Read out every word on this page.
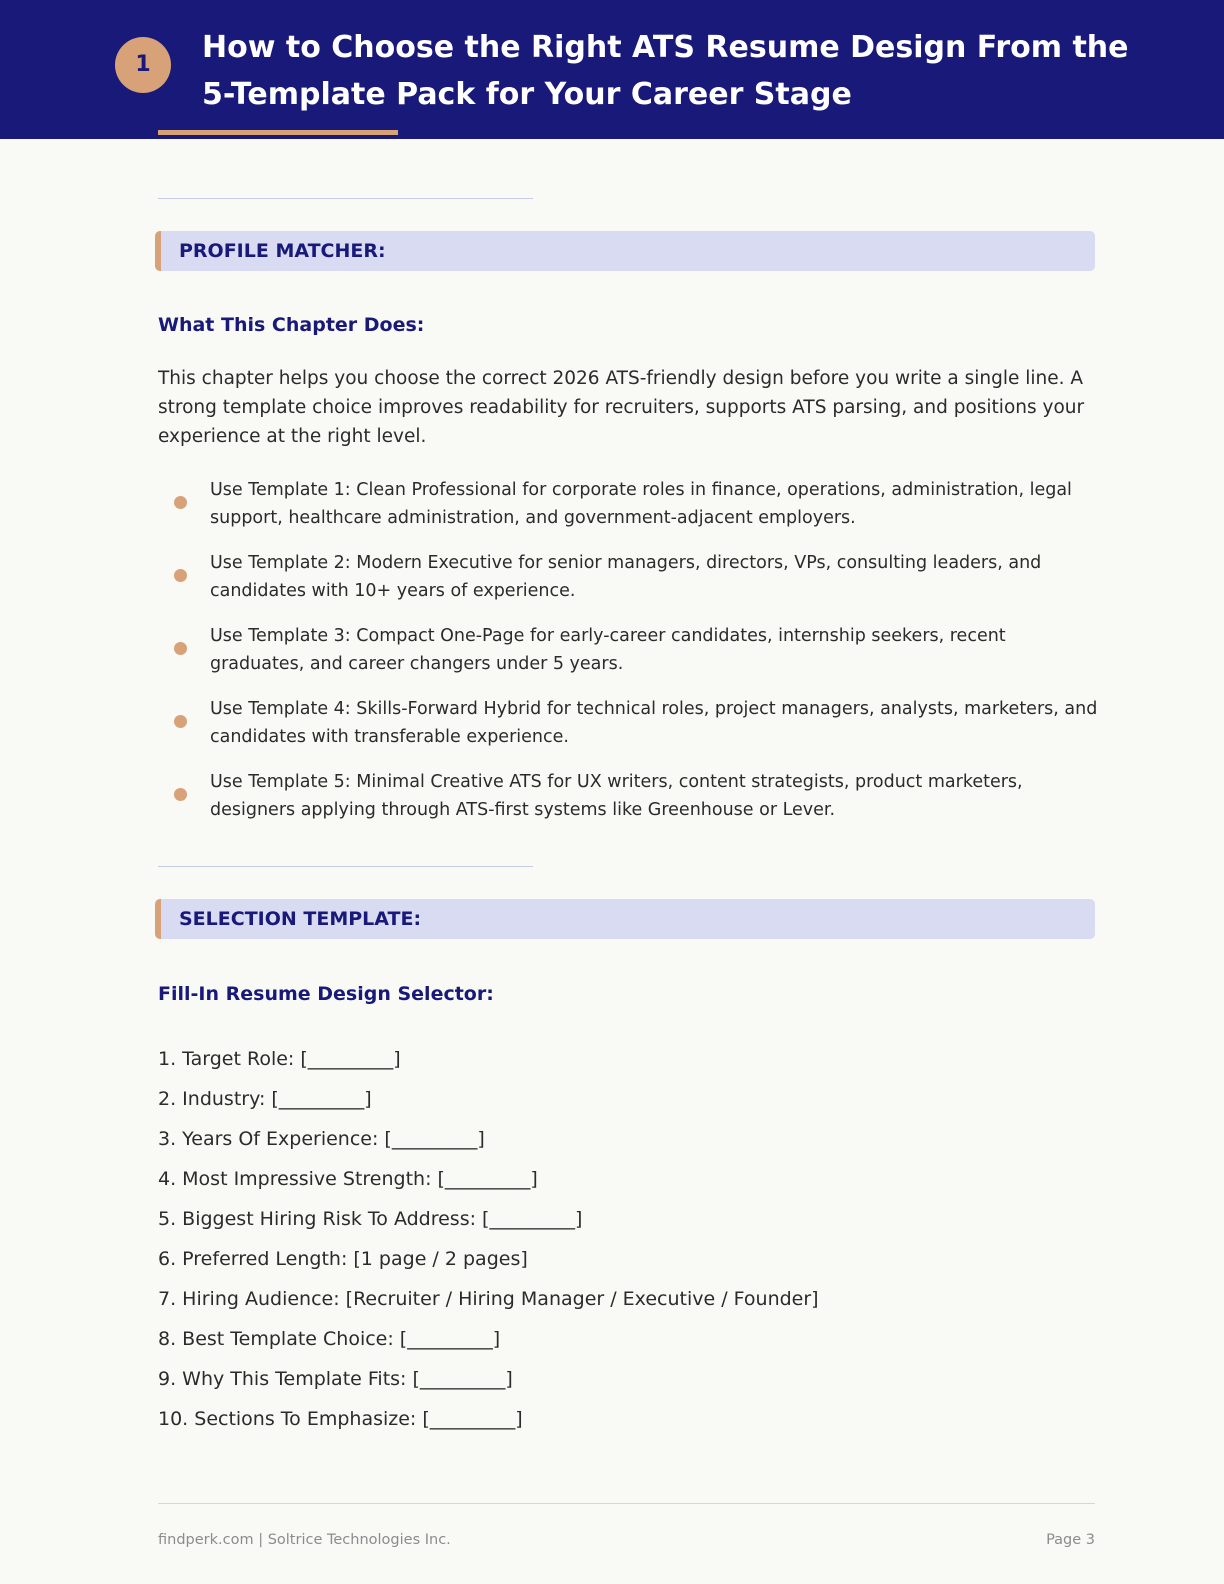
1	How to Choose the Right ATS Resume Design From the 5-Template Pack for Your Career Stage
PROFILE MATCHER:
What This Chapter Does:

This chapter helps you choose the correct 2026 ATS-friendly design before you write a single line. A strong template choice improves readability for recruiters, supports ATS parsing, and positions your experience at the right level.

Use Template 1: Clean Professional for corporate roles in finance, operations, administration, legal support, healthcare administration, and government-adjacent employers.
Use Template 2: Modern Executive for senior managers, directors, VPs, consulting leaders, and candidates with 10+ years of experience.
Use Template 3: Compact One-Page for early-career candidates, internship seekers, recent graduates, and career changers under 5 years.
Use Template 4: Skills-Forward Hybrid for technical roles, project managers, analysts, marketers, and candidates with transferable experience.
Use Template 5: Minimal Creative ATS for UX writers, content strategists, product marketers, designers applying through ATS-first systems like Greenhouse or Lever.
SELECTION TEMPLATE:
Fill-In Resume Design Selector:
1. Target Role: [_________]
2. Industry: [_________]
3. Years Of Experience: [_________]
4. Most Impressive Strength: [_________]
5. Biggest Hiring Risk To Address: [_________]
6. Preferred Length: [1 page / 2 pages]
7. Hiring Audience: [Recruiter / Hiring Manager / Executive / Founder]
8. Best Template Choice: [_________]
9. Why This Template Fits: [_________]
10. Sections To Emphasize: [_________]
findperk.com | Soltrice Technologies Inc.	Page 3
